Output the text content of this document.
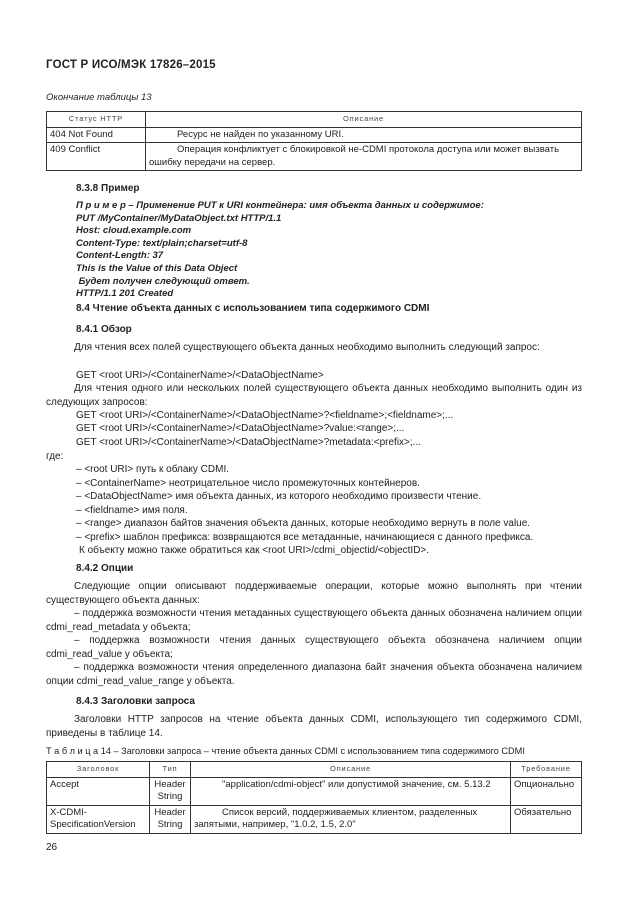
ГОСТ Р ИСО/МЭК 17826–2015
Окончание таблицы 13
Статус HTTP	Описание
404 Not Found	Ресурс не найден по указанному URI.
409 Conflict	Операция конфликтует с блокировкой не-CDMI протокола доступа или может вызвать ошибку передачи на сервер.
8.3.8 Пример
П р и м е р – Применение PUT к URI контейнера: имя объекта данных и содержимое:
PUT /MyContainer/MyDataObject.txt HTTP/1.1
Host: cloud.example.com
Content-Type: text/plain;charset=utf-8
Content-Length: 37
This is the Value of this Data Object
Будет получен следующий ответ.
HTTP/1.1 201 Created
8.4 Чтение объекта данных с использованием типа содержимого CDMI
8.4.1 Обзор
Для чтения всех полей существующего объекта данных необходимо выполнить следующий запрос:
GET <root URI>/<ContainerName>/<DataObjectName>
Для чтения одного или нескольких полей существующего объекта данных необходимо выполнить один из следующих запросов:
GET <root URI>/<ContainerName>/<DataObjectName>?<fieldname>;<fieldname>;...
GET <root URI>/<ContainerName>/<DataObjectName>?value:<range>;...
GET <root URI>/<ContainerName>/<DataObjectName>?metadata:<prefix>;...
где:
– <root URI> путь к облаку CDMI.
– <ContainerName> неотрицательное число промежуточных контейнеров.
– <DataObjectName> имя объекта данных, из которого необходимо произвести чтение.
– <fieldname> имя поля.
– <range> диапазон байтов значения объекта данных, которые необходимо вернуть в поле value.
– <prefix> шаблон префикса: возвращаются все метаданные, начинающиеся с данного префикса.
К объекту можно также обратиться как <root URI>/cdmi_objectid/<objectID>.
8.4.2 Опции
Следующие опции описывают поддерживаемые операции, которые можно выполнять при чтении существующего объекта данных:
– поддержка возможности чтения метаданных существующего объекта данных обозначена наличием опции cdmi_read_metadata у объекта;
– поддержка возможности чтения данных существующего объекта обозначена наличием опции cdmi_read_value у объекта;
– поддержка возможности чтения определенного диапазона байт значения объекта обозначена наличием опции cdmi_read_value_range у объекта.
8.4.3 Заголовки запроса
Заголовки HTTP запросов на чтение объекта данных CDMI, использующего тип содержимого CDMI, приведены в таблице 14.
Т а б л и ц а 14 – Заголовки запроса – чтение объекта данных CDMI с использованием типа содержимого CDMI
Заголовок	Тип	Описание	Требование
Accept	Header String	"application/cdmi-object" или допустимой значение, см. 5.13.2	Опционально
X-CDMI-SpecificationVersion	Header String	Список версий, поддерживаемых клиентом, разделенных запятыми, например, "1.0.2, 1.5, 2.0"	Обязательно
26
